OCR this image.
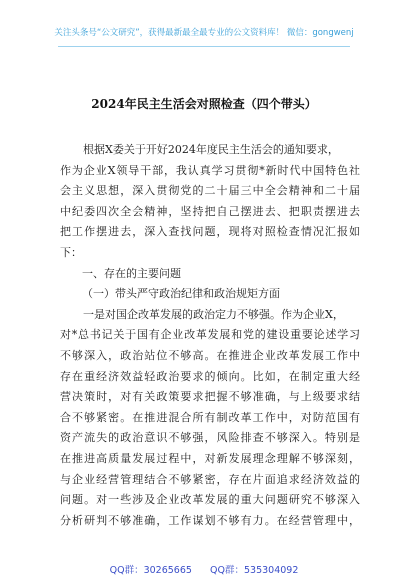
关注头条号“公文研究”，获得最新最全最专业的公文资料库！ 微信：gongwenj
2024年民主生活会对照检查（四个带头）
根据X委关于开好2024年度民主生活会的通知要求，
作为企业X领导干部，我认真学习贯彻*新时代中国特色社
会主义思想，深入贯彻党的二十届三中全会精神和二十届
中纪委四次全会精神，坚持把自己摆进去、把职责摆进去
把工作摆进去，深入查找问题，现将对照检查情况汇报如
下：
一、存在的主要问题
（一）带头严守政治纪律和政治规矩方面
一是对国企改革发展的政治定力不够强。作为企业X，
对*总书记关于国有企业改革发展和党的建设重要论述学习
不够深入，政治站位不够高。在推进企业改革发展工作中
存在重经济效益轻政治要求的倾向。比如，在制定重大经
营决策时，对有关政策要求把握不够准确，与上级要求结
合不够紧密。在推进混合所有制改革工作中，对防范国有
资产流失的政治意识不够强，风险排查不够深入。特别是
在推进高质量发展过程中，对新发展理念理解不够深刻，
与企业经营管理结合不够紧密，存在片面追求经济效益的
问题。对一些涉及企业改革发展的重大问题研究不够深入
分析研判不够准确，工作谋划不够有力。在经营管理中，
QQ群：30265665      QQ群：535304092
